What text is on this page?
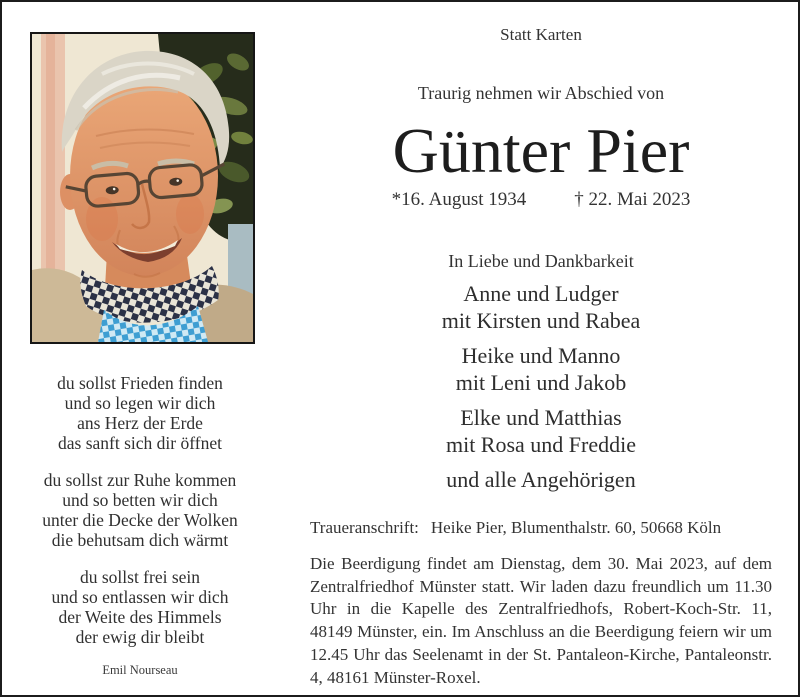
du sollst Frieden finden
und so legen wir dich
ans Herz der Erde
das sanft sich dir öffnet
du sollst zur Ruhe kommen
und so betten wir dich
unter die Decke der Wolken
die behutsam dich wärmt
du sollst frei sein
und so entlassen wir dich
der Weite des Himmels
der ewig dir bleibt
Emil Nourseau
Statt Karten
Traurig nehmen wir Abschied von
Günter Pier
*16. August 1934	† 22. Mai 2023
In Liebe und Dankbarkeit
Anne und Ludger
mit Kirsten und Rabea
Heike und Manno
mit Leni und Jakob
Elke und Matthias
mit Rosa und Freddie
und alle Angehörigen
Traueranschrift: Heike Pier, Blumenthalstr. 60, 50668 Köln

Die Beerdigung findet am Dienstag, dem 30. Mai 2023, auf dem Zentralfriedhof Münster statt. Wir laden dazu freundlich um 11.30 Uhr in die Kapelle des Zentralfriedhofs, Robert-Koch-Str. 11, 48149 Münster, ein. Im Anschluss an die Beerdigung feiern wir um 12.45 Uhr das Seelenamt in der St. Pantaleon-Kirche, Pantaleonstr. 4, 48161 Münster-Roxel.
